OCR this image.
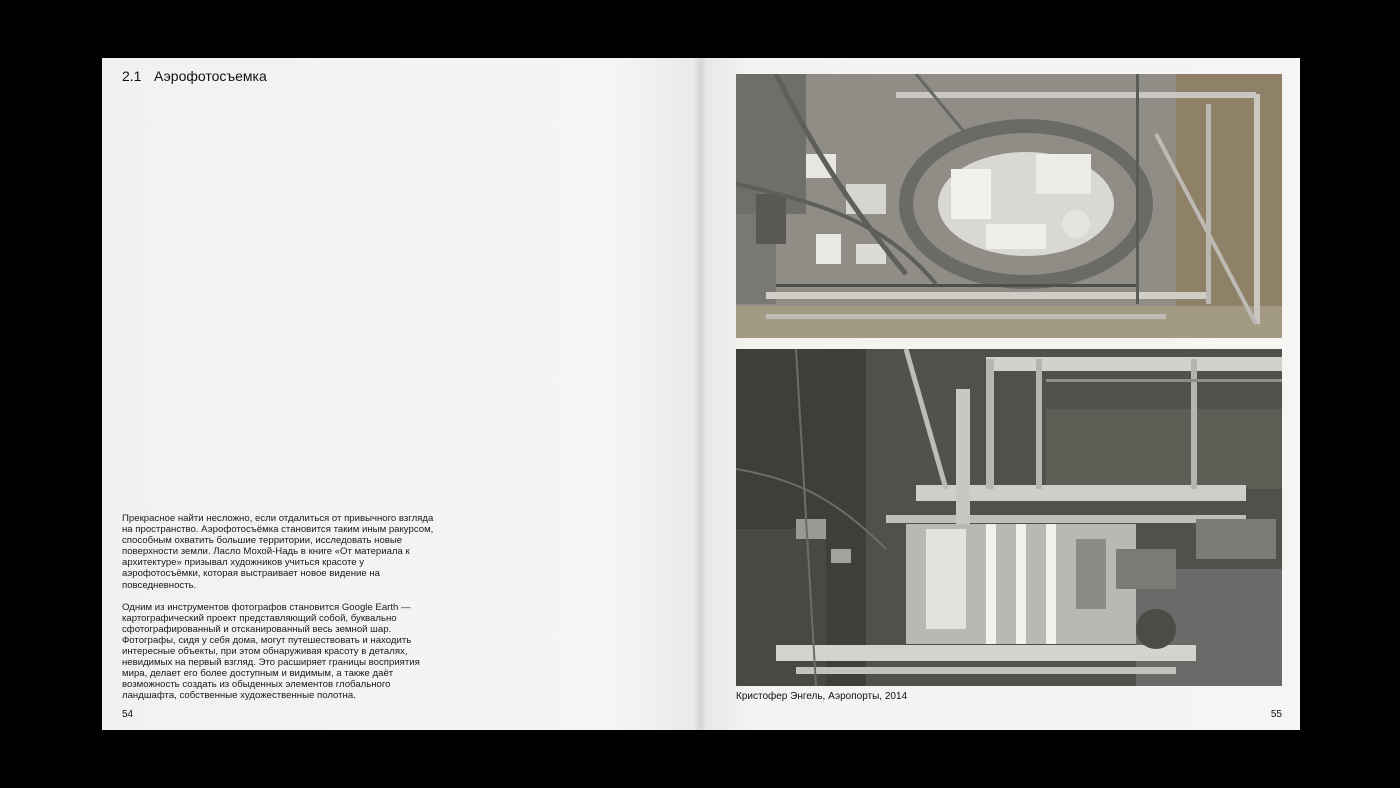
2.1 Аэрофотосъемка

Прекрасное найти несложно, если отдалиться от привычного взгляда на пространство. Аэрофотосъёмка становится таким иным ракурсом, способным охватить большие территории, исследовать новые поверхности земли. Ласло Мохой-Надь в книге «От материала к архитектуре» призывал художников учиться красоте у аэрофотосъёмки, которая выстраивает новое видение на повседневность.

Одним из инструментов фотографов становится Google Earth — картографический проект представляющий собой, буквально сфотографированный и отсканированный весь земной шар. Фотографы, сидя у себя дома, могут путешествовать и находить интересные объекты, при этом обнаруживая красоту в деталях, невидимых на первый взгляд. Это расширяет границы восприятия мира, делает его более доступным и видимым, а также даёт возможность создать из обыденных элементов глобального ландшафта, собственные художественные полотна.

54
Кристофер Энгель, Аэропорты, 2014
55
